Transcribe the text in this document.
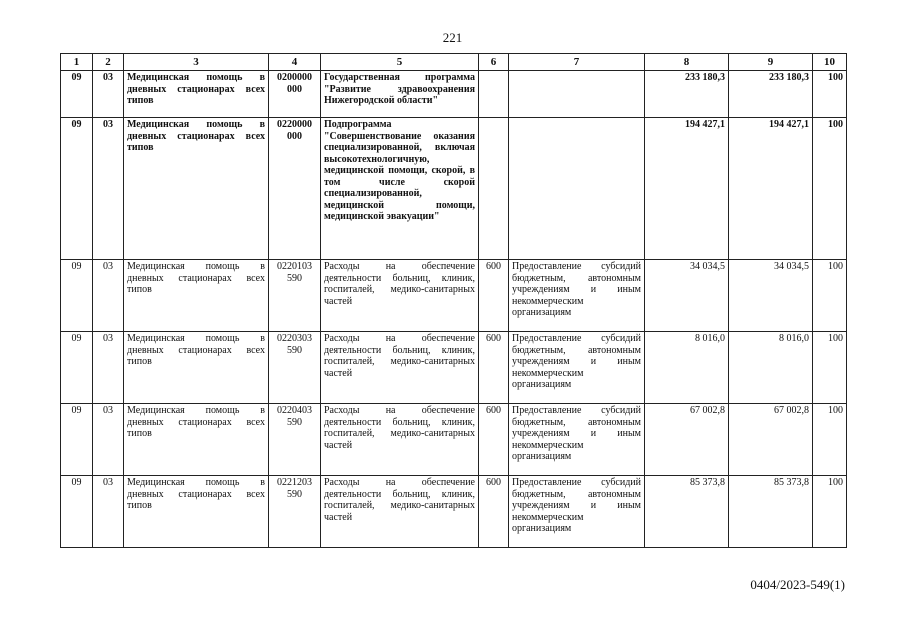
221
1	2	3	4	5	6	7	8	9	10
09	03	Медицинская помощь в дневных стационарах всех типов	0200000 000	Государственная программа "Развитие здравоохранения Нижегородской области"			233 180,3	233 180,3	100
09	03	Медицинская помощь в дневных стационарах всех типов	0220000 000	Подпрограмма "Совершенствование оказания специализированной, включая высокотехнологичную, медицинской помощи, скорой, в том числе скорой специализированной, медицинской помощи, медицинской эвакуации"			194 427,1	194 427,1	100
09	03	Медицинская помощь в дневных стационарах всех типов	0220103 590	Расходы на обеспечение деятельности больниц, клиник, госпиталей, медико-санитарных частей	600	Предоставление субсидий бюджетным, автономным учреждениям и иным некоммерческим организациям	34 034,5	34 034,5	100
09	03	Медицинская помощь в дневных стационарах всех типов	0220303 590	Расходы на обеспечение деятельности больниц, клиник, госпиталей, медико-санитарных частей	600	Предоставление субсидий бюджетным, автономным учреждениям и иным некоммерческим организациям	8 016,0	8 016,0	100
09	03	Медицинская помощь в дневных стационарах всех типов	0220403 590	Расходы на обеспечение деятельности больниц, клиник, госпиталей, медико-санитарных частей	600	Предоставление субсидий бюджетным, автономным учреждениям и иным некоммерческим организациям	67 002,8	67 002,8	100
09	03	Медицинская помощь в дневных стационарах всех типов	0221203 590	Расходы на обеспечение деятельности больниц, клиник, госпиталей, медико-санитарных частей	600	Предоставление субсидий бюджетным, автономным учреждениям и иным некоммерческим организациям	85 373,8	85 373,8	100
0404/2023-549(1)
